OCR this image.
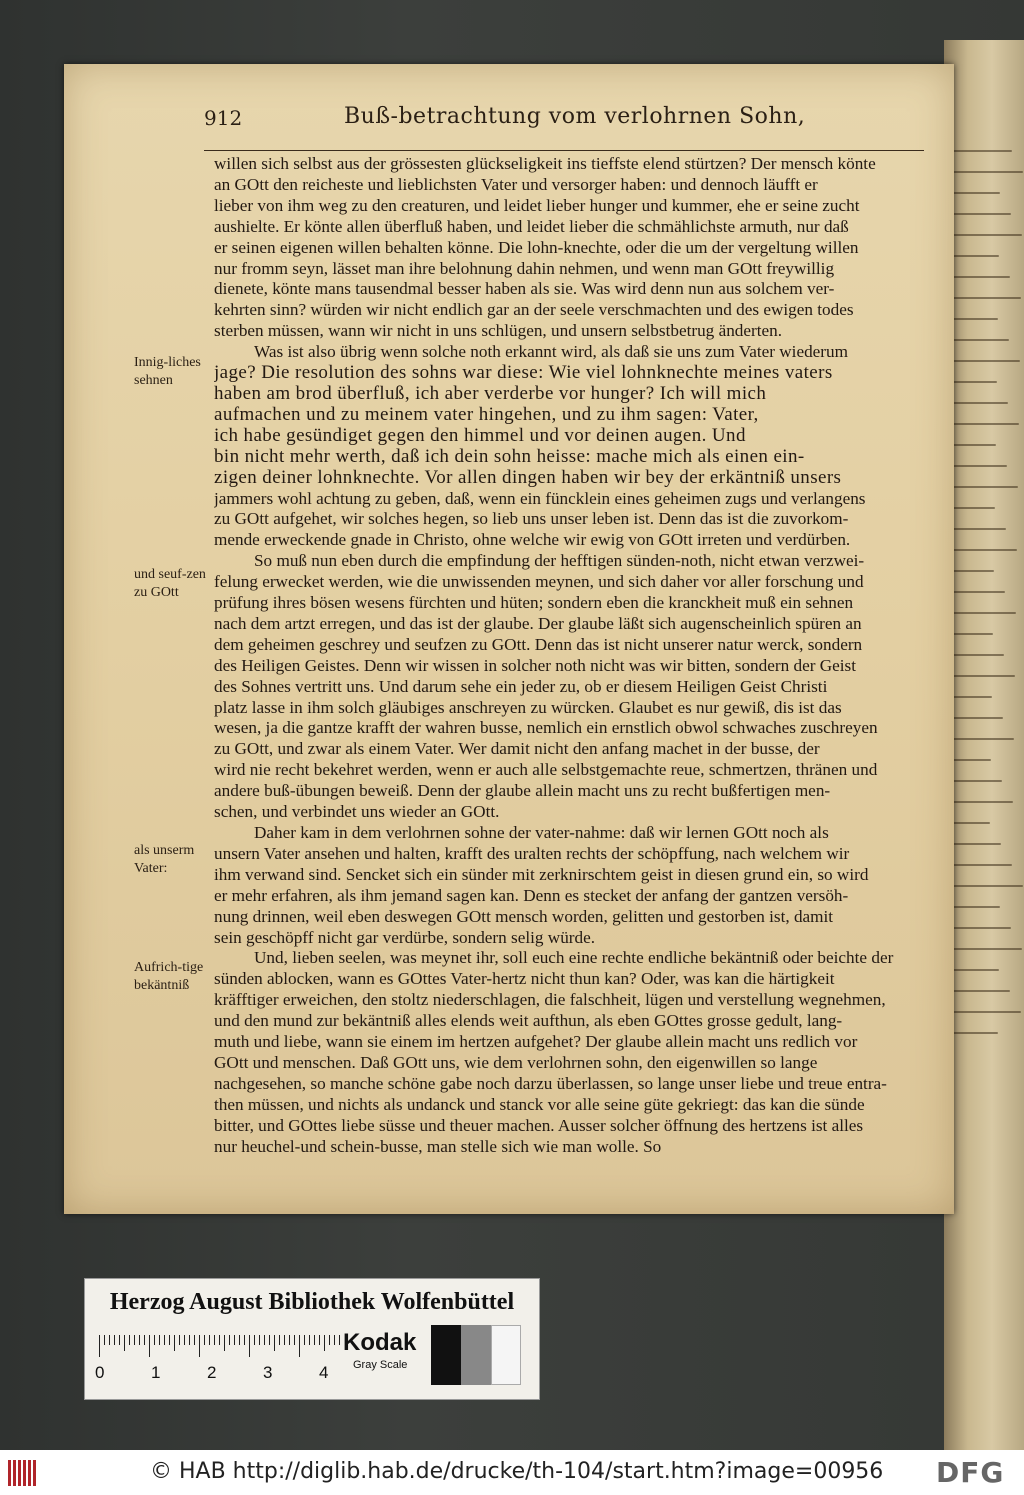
912	Buß-betrachtung vom verlohrnen Sohn,
Innig-liches sehnen
und seuf-zen zu GOtt
als unserm Vater:
Aufrich-tige bekäntniß

willen sich selbst aus der grössesten glückseligkeit ins tieffste elend stürtzen? Der mensch könte
an GOtt den reicheste und lieblichsten Vater und versorger haben: und dennoch läufft er
lieber von ihm weg zu den creaturen, und leidet lieber hunger und kummer, ehe er seine zucht
aushielte. Er könte allen überfluß haben, und leidet lieber die schmählichste armuth, nur daß
er seinen eigenen willen behalten könne. Die lohn-knechte, oder die um der vergeltung willen
nur fromm seyn, lässet man ihre belohnung dahin nehmen, und wenn man GOtt freywillig
dienete, könte mans tausendmal besser haben als sie. Was wird denn nun aus solchem ver-
kehrten sinn? würden wir nicht endlich gar an der seele verschmachten und des ewigen todes
sterben müssen, wann wir nicht in uns schlügen, und unsern selbstbetrug änderten.

Was ist also übrig wenn solche noth erkannt wird, als daß sie uns zum Vater wiederum
jage? Die resolution des sohns war diese: Wie viel lohnknechte meines vaters
haben am brod überfluß, ich aber verderbe vor hunger? Ich will mich
aufmachen und zu meinem vater hingehen, und zu ihm sagen: Vater,
ich habe gesündiget gegen den himmel und vor deinen augen. Und
bin nicht mehr werth, daß ich dein sohn heisse: mache mich als einen ein-
zigen deiner lohnknechte. Vor allen dingen haben wir bey der erkäntniß unsers
jammers wohl achtung zu geben, daß, wenn ein füncklein eines geheimen zugs und verlangens
zu GOtt aufgehet, wir solches hegen, so lieb uns unser leben ist. Denn das ist die zuvorkom-
mende erweckende gnade in Christo, ohne welche wir ewig von GOtt irreten und verdürben.

So muß nun eben durch die empfindung der hefftigen sünden-noth, nicht etwan verzwei-
felung erwecket werden, wie die unwissenden meynen, und sich daher vor aller forschung und
prüfung ihres bösen wesens fürchten und hüten; sondern eben die kranckheit muß ein sehnen
nach dem artzt erregen, und das ist der glaube. Der glaube läßt sich augenscheinlich spüren an
dem geheimen geschrey und seufzen zu GOtt. Denn das ist nicht unserer natur werck, sondern
des Heiligen Geistes. Denn wir wissen in solcher noth nicht was wir bitten, sondern der Geist
des Sohnes vertritt uns. Und darum sehe ein jeder zu, ob er diesem Heiligen Geist Christi
platz lasse in ihm solch gläubiges anschreyen zu würcken. Glaubet es nur gewiß, dis ist das
wesen, ja die gantze krafft der wahren busse, nemlich ein ernstlich obwol schwaches zuschreyen
zu GOtt, und zwar als einem Vater. Wer damit nicht den anfang machet in der busse, der
wird nie recht bekehret werden, wenn er auch alle selbstgemachte reue, schmertzen, thränen und
andere buß-übungen beweiß. Denn der glaube allein macht uns zu recht bußfertigen men-
schen, und verbindet uns wieder an GOtt.

Daher kam in dem verlohrnen sohne der vater-nahme: daß wir lernen GOtt noch als
unsern Vater ansehen und halten, krafft des uralten rechts der schöpffung, nach welchem wir
ihm verwand sind. Sencket sich ein sünder mit zerknirschtem geist in diesen grund ein, so wird
er mehr erfahren, als ihm jemand sagen kan. Denn es stecket der anfang der gantzen versöh-
nung drinnen, weil eben deswegen GOtt mensch worden, gelitten und gestorben ist, damit
sein geschöpff nicht gar verdürbe, sondern selig würde.

Und, lieben seelen, was meynet ihr, soll euch eine rechte endliche bekäntniß oder beichte der
sünden ablocken, wann es GOttes Vater-hertz nicht thun kan? Oder, was kan die härtigkeit
kräfftiger erweichen, den stoltz niederschlagen, die falschheit, lügen und verstellung wegnehmen,
und den mund zur bekäntniß alles elends weit aufthun, als eben GOttes grosse gedult, lang-
muth und liebe, wann sie einem im hertzen aufgehet? Der glaube allein macht uns redlich vor
GOtt und menschen. Daß GOtt uns, wie dem verlohrnen sohn, den eigenwillen so lange
nachgesehen, so manche schöne gabe noch darzu überlassen, so lange unser liebe und treue entra-
then müssen, und nichts als undanck und stanck vor alle seine güte gekriegt: das kan die sünde
bitter, und GOttes liebe süsse und theuer machen. Ausser solcher öffnung des hertzens ist alles
nur heuchel-und schein-busse, man stelle sich wie man wolle. So

Herzog August Bibliothek Wolfenbüttel
0	1	2	3	4
Kodak
Gray Scale
© HAB http://diglib.hab.de/drucke/th-104/start.htm?image=00956 DFG
